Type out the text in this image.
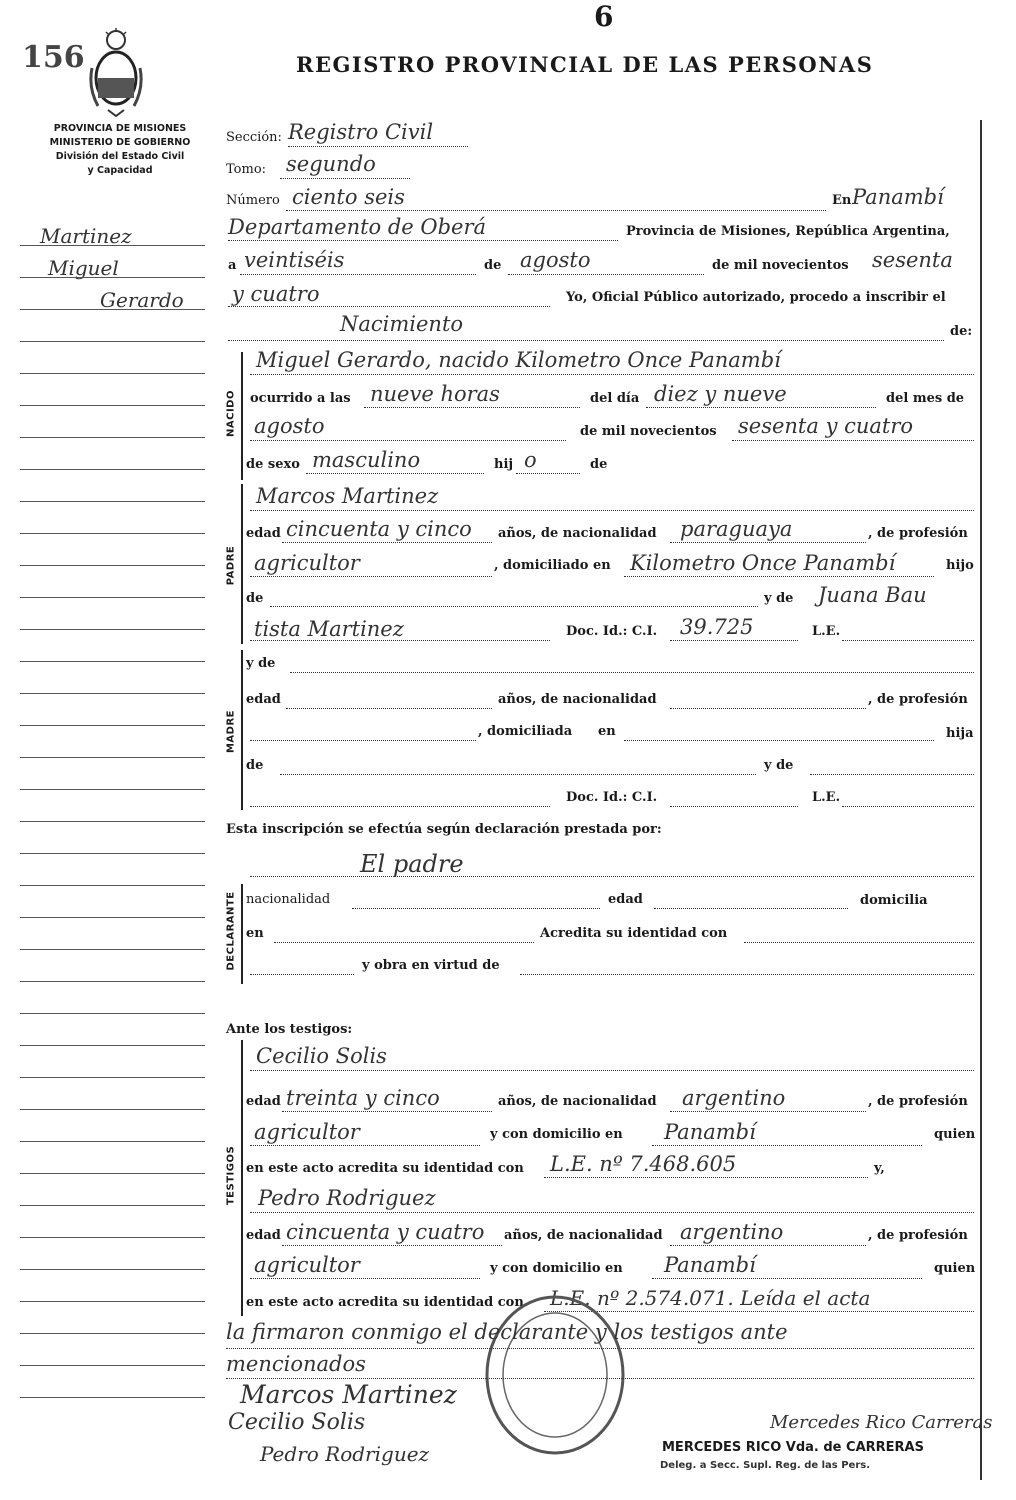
156
6
REGISTRO PROVINCIAL DE LAS PERSONAS
PROVINCIA DE MISIONES
MINISTERIO DE GOBIERNO
División del Estado Civil
y Capacidad
Martinez
Miguel
Gerardo
Sección: Registro Civil
Tomo: segundo
Número ciento seis	En Panambí
Departamento de Oberá	Provincia de Misiones, República Argentina,
a veintiséis	de agosto	de mil novecientos sesenta
y cuatro	Yo, Oficial Público autorizado, procedo a inscribir el
Nacimiento	de:
NACIDO
Miguel Gerardo, nacido Kilometro Once Panambí
ocurrido a las nueve horas	del día diez y nueve	del mes de
agosto	de mil novecientos sesenta y cuatro
de sexo masculino	hij o	de
PADRE
Marcos Martinez
edad cincuenta y cinco años, de nacionalidad paraguaya	, de profesión
agricultor	, domiciliado en Kilometro Once Panambí	hijo
de	y de Juana Bau
tista Martinez	Doc. Id.: C.I. 39.725	L.E.
MADRE
y de
edad	años, de nacionalidad	, de profesión
, domiciliada en	hija
de	y de
Doc. Id.: C.I.	L.E.
Esta inscripción se efectúa según declaración prestada por:
El padre
DECLARANTE nacionalidad	edad	domicilia
en	Acredita su identidad con
y obra en virtud de
Ante los testigos:
TESTIGOS
Cecilio Solis
edad treinta y cinco	años, de nacionalidad argentino	, de profesión
agricultor	y con domicilio en Panambí	quien
en este acto acredita su identidad con L.E. nº 7.468.605	y,
Pedro Rodriguez
edad cincuenta y cuatro años, de nacionalidad argentino	, de profesión
agricultor	y con domicilio en Panambí	quien
en este acto acredita su identidad con L.E. nº 2.574.071. Leída el acta
la firmaron conmigo el declarante y los testigos ante
mencionados
Marcos Martinez
Cecilio Solis
Pedro Rodriguez
Mercedes Rico Carreras
MERCEDES RICO Vda. de CARRERAS
Deleg. a Secc. Supl. Reg. de las Pers.
